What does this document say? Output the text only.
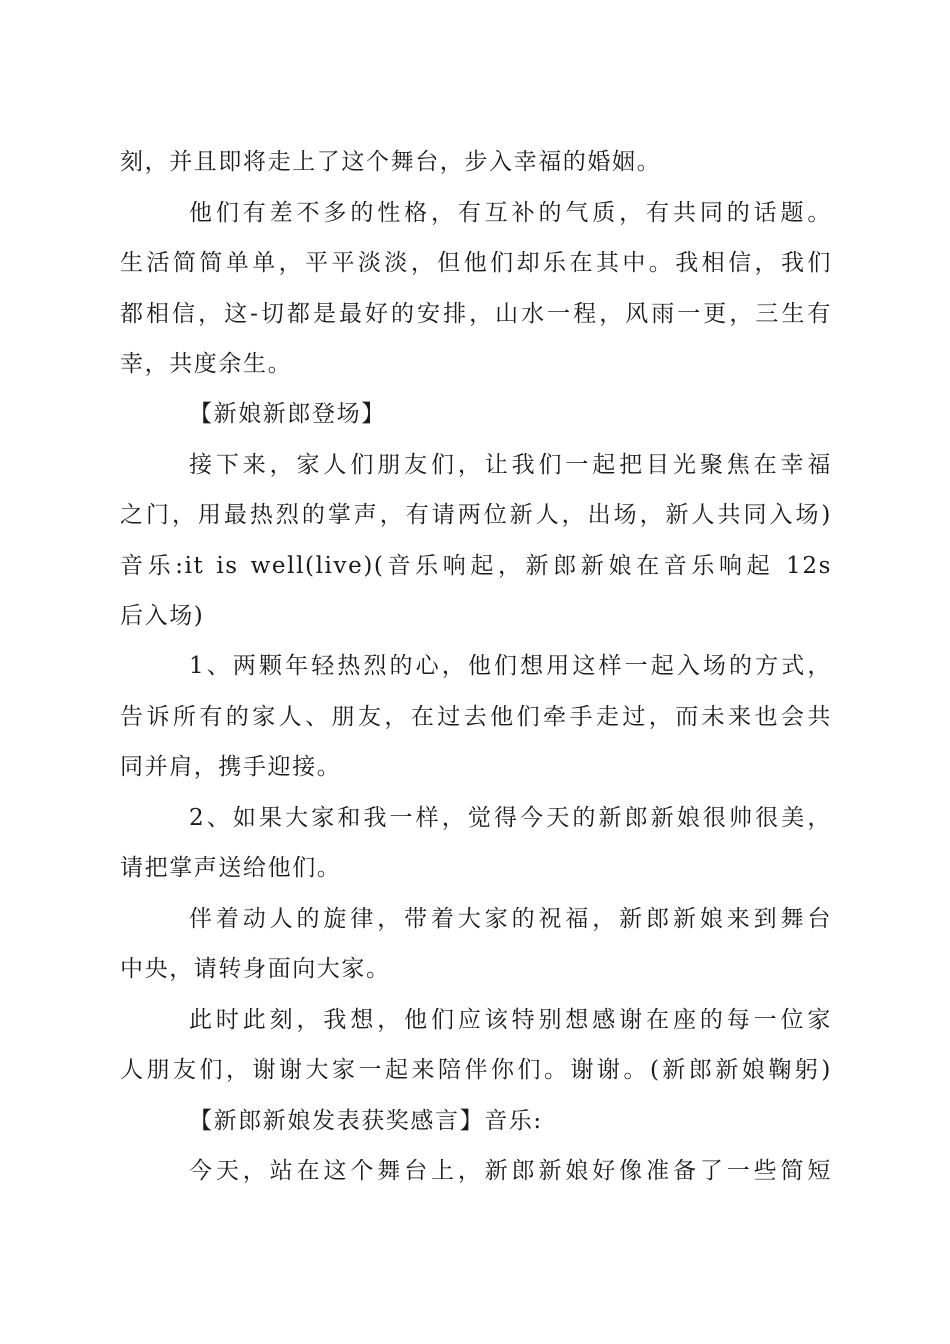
刻，并且即将走上了这个舞台，步入幸福的婚姻。
他们有差不多的性格，有互补的气质，有共同的话题。
生活简简单单，平平淡淡，但他们却乐在其中。我相信，我们
都相信，这-切都是最好的安排，山水一程，风雨一更，三生有
幸，共度余生。
【新娘新郎登场】
接下来，家人们朋友们，让我们一起把目光聚焦在幸福
之门，用最热烈的掌声，有请两位新人，出场，新人共同入场)
音乐:it is well(live)(音乐响起，新郎新娘在音乐响起 12s
后入场)
1、两颗年轻热烈的心，他们想用这样一起入场的方式，
告诉所有的家人、朋友，在过去他们牵手走过，而未来也会共
同并肩，携手迎接。
2、如果大家和我一样，觉得今天的新郎新娘很帅很美，
请把掌声送给他们。
伴着动人的旋律，带着大家的祝福，新郎新娘来到舞台
中央，请转身面向大家。
此时此刻，我想，他们应该特别想感谢在座的每一位家
人朋友们，谢谢大家一起来陪伴你们。谢谢。(新郎新娘鞠躬)
【新郎新娘发表获奖感言】音乐:
今天，站在这个舞台上，新郎新娘好像准备了一些简短
